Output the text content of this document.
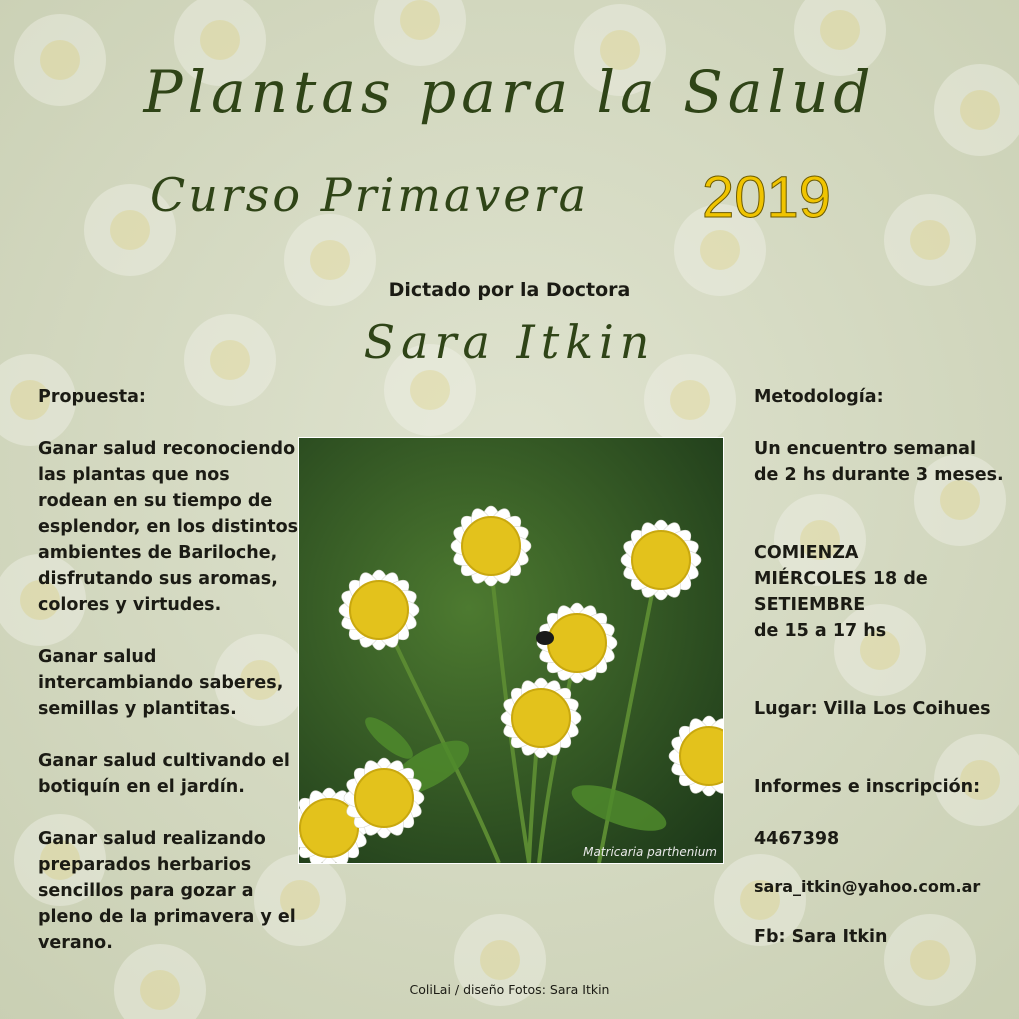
Plantas para la Salud
Curso Primavera 2019
Dictado por la Doctora
Sara Itkin

Propuesta:

Ganar salud reconociendo las plantas que nos rodean en su tiempo de esplendor, en los distintos ambientes de Bariloche, disfrutando sus aromas, colores y virtudes.

Ganar salud intercambiando saberes, semillas y plantitas.

Ganar salud cultivando el botiquín en el jardín.

Ganar salud realizando preparados herbarios sencillos para gozar a pleno de la primavera y el verano.

Matricaria parthenium

Metodología:

Un encuentro semanal de 2 hs durante 3 meses.

COMIENZA

MIÉRCOLES 18 de

SETIEMBRE

de 15 a 17 hs

Lugar: Villa Los Coihues

Informes e inscripción:

4467398

sara_itkin@yahoo.com.ar

Fb: Sara Itkin

ColiLai / diseño Fotos: Sara Itkin
